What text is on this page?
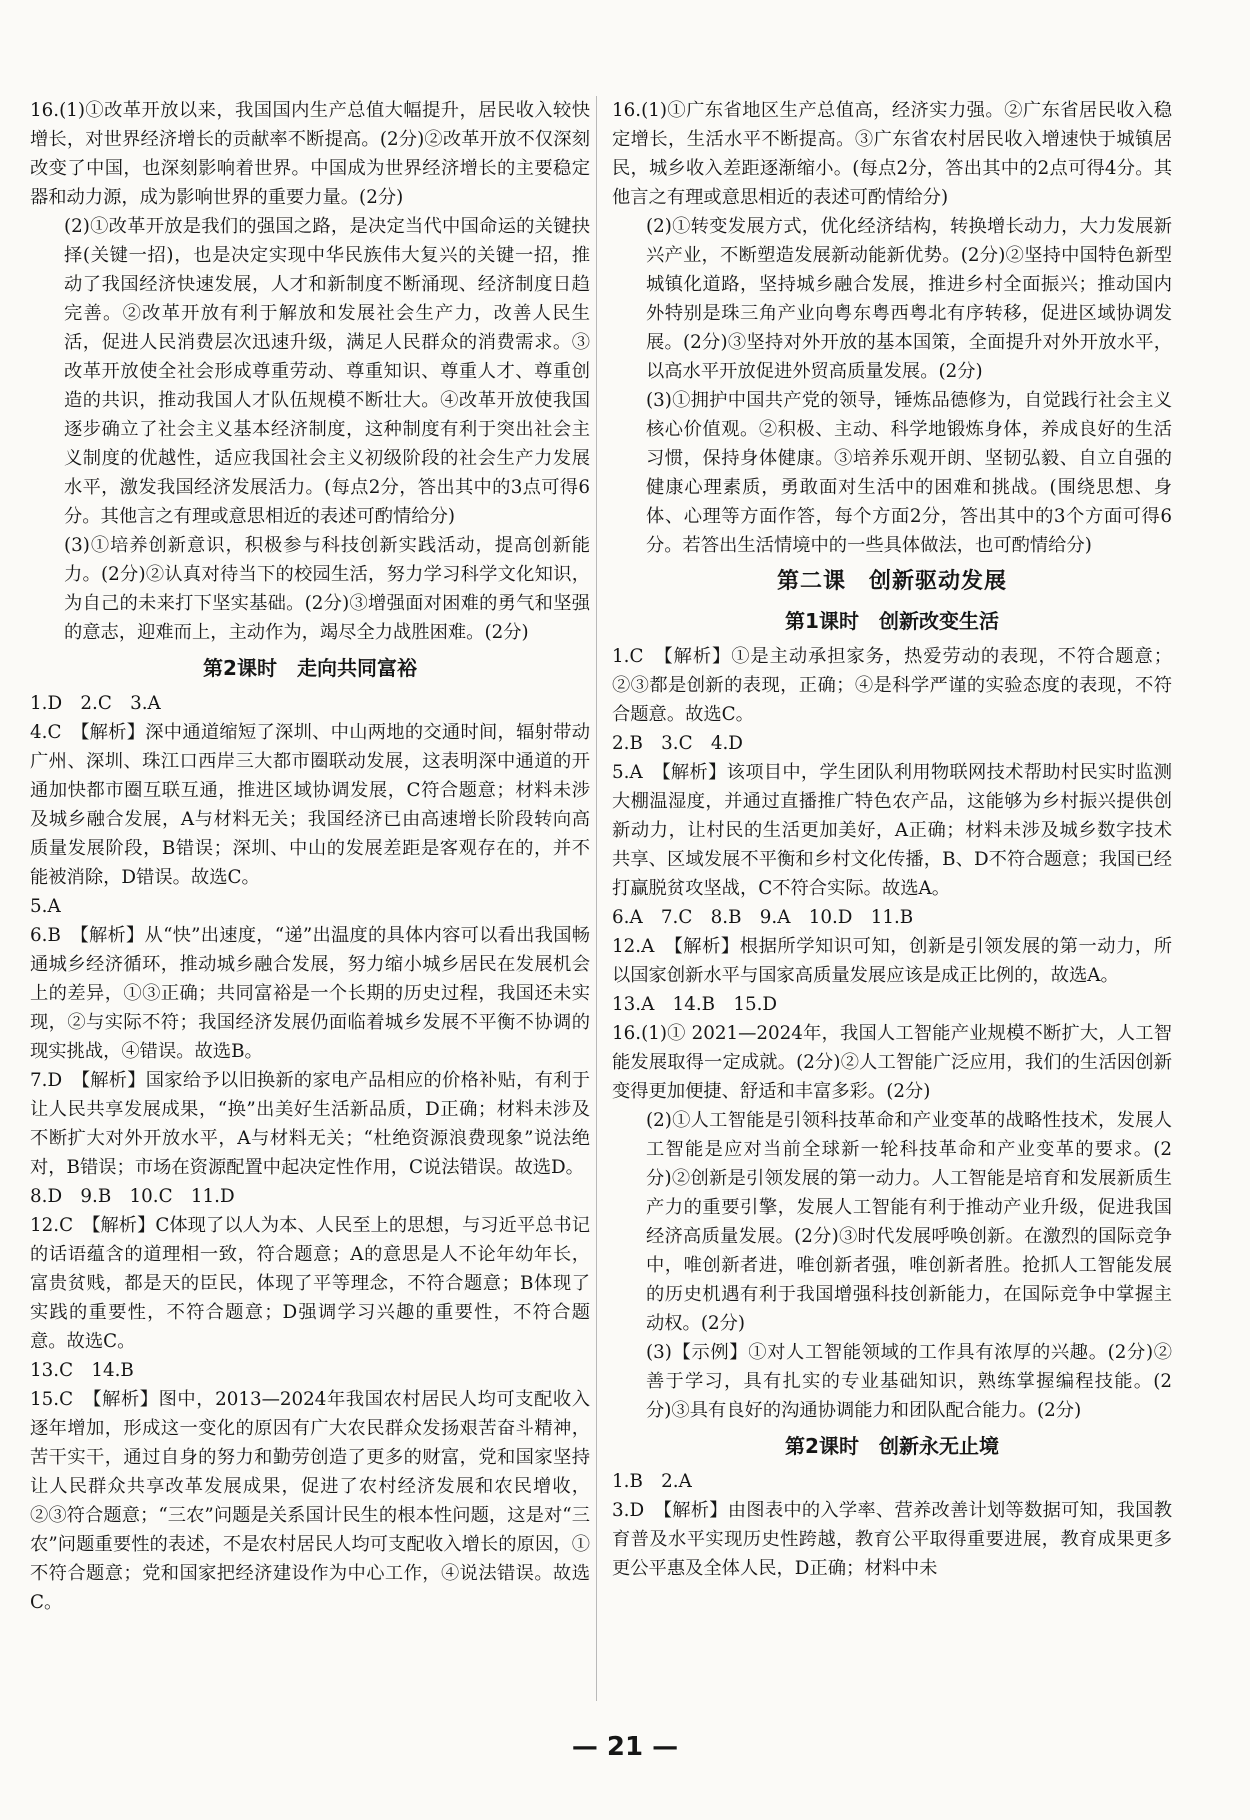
16.(1)①改革开放以来，我国国内生产总值大幅提升，居民收入较快增长，对世界经济增长的贡献率不断提高。(2分)②改革开放不仅深刻改变了中国，也深刻影响着世界。中国成为世界经济增长的主要稳定器和动力源，成为影响世界的重要力量。(2分)

(2)①改革开放是我们的强国之路，是决定当代中国命运的关键抉择(关键一招)，也是决定实现中华民族伟大复兴的关键一招，推动了我国经济快速发展，人才和新制度不断涌现、经济制度日趋完善。②改革开放有利于解放和发展社会生产力，改善人民生活，促进人民消费层次迅速升级，满足人民群众的消费需求。③改革开放使全社会形成尊重劳动、尊重知识、尊重人才、尊重创造的共识，推动我国人才队伍规模不断壮大。④改革开放使我国逐步确立了社会主义基本经济制度，这种制度有利于突出社会主义制度的优越性，适应我国社会主义初级阶段的社会生产力发展水平，激发我国经济发展活力。(每点2分，答出其中的3点可得6分。其他言之有理或意思相近的表述可酌情给分)

(3)①培养创新意识，积极参与科技创新实践活动，提高创新能力。(2分)②认真对待当下的校园生活，努力学习科学文化知识，为自己的未来打下坚实基础。(2分)③增强面对困难的勇气和坚强的意志，迎难而上，主动作为，竭尽全力战胜困难。(2分)

第2课时　走向共同富裕

1.D　2.C　3.A

4.C　【解析】深中通道缩短了深圳、中山两地的交通时间，辐射带动广州、深圳、珠江口西岸三大都市圈联动发展，这表明深中通道的开通加快都市圈互联互通，推进区域协调发展，C符合题意；材料未涉及城乡融合发展，A与材料无关；我国经济已由高速增长阶段转向高质量发展阶段，B错误；深圳、中山的发展差距是客观存在的，并不能被消除，D错误。故选C。

5.A

6.B　【解析】从“快”出速度，“递”出温度的具体内容可以看出我国畅通城乡经济循环，推动城乡融合发展，努力缩小城乡居民在发展机会上的差异，①③正确；共同富裕是一个长期的历史过程，我国还未实现，②与实际不符；我国经济发展仍面临着城乡发展不平衡不协调的现实挑战，④错误。故选B。

7.D　【解析】国家给予以旧换新的家电产品相应的价格补贴，有利于让人民共享发展成果，“换”出美好生活新品质，D正确；材料未涉及不断扩大对外开放水平，A与材料无关；“杜绝资源浪费现象”说法绝对，B错误；市场在资源配置中起决定性作用，C说法错误。故选D。

8.D　9.B　10.C　11.D

12.C　【解析】C体现了以人为本、人民至上的思想，与习近平总书记的话语蕴含的道理相一致，符合题意；A的意思是人不论年幼年长，富贵贫贱，都是天的臣民，体现了平等理念，不符合题意；B体现了实践的重要性，不符合题意；D强调学习兴趣的重要性，不符合题意。故选C。

13.C　14.B

15.C　【解析】图中，2013—2024年我国农村居民人均可支配收入逐年增加，形成这一变化的原因有广大农民群众发扬艰苦奋斗精神，苦干实干，通过自身的努力和勤劳创造了更多的财富，党和国家坚持让人民群众共享改革发展成果，促进了农村经济发展和农民增收，②③符合题意；“三农”问题是关系国计民生的根本性问题，这是对“三农”问题重要性的表述，不是农村居民人均可支配收入增长的原因，①不符合题意；党和国家把经济建设作为中心工作，④说法错误。故选C。

16.(1)①广东省地区生产总值高，经济实力强。②广东省居民收入稳定增长，生活水平不断提高。③广东省农村居民收入增速快于城镇居民，城乡收入差距逐渐缩小。(每点2分，答出其中的2点可得4分。其他言之有理或意思相近的表述可酌情给分)

(2)①转变发展方式，优化经济结构，转换增长动力，大力发展新兴产业，不断塑造发展新动能新优势。(2分)②坚持中国特色新型城镇化道路，坚持城乡融合发展，推进乡村全面振兴；推动国内外特别是珠三角产业向粤东粤西粤北有序转移，促进区域协调发展。(2分)③坚持对外开放的基本国策，全面提升对外开放水平，以高水平开放促进外贸高质量发展。(2分)

(3)①拥护中国共产党的领导，锤炼品德修为，自觉践行社会主义核心价值观。②积极、主动、科学地锻炼身体，养成良好的生活习惯，保持身体健康。③培养乐观开朗、坚韧弘毅、自立自强的健康心理素质，勇敢面对生活中的困难和挑战。(围绕思想、身体、心理等方面作答，每个方面2分，答出其中的3个方面可得6分。若答出生活情境中的一些具体做法，也可酌情给分)

第二课　创新驱动发展
第1课时　创新改变生活

1.C　【解析】①是主动承担家务，热爱劳动的表现，不符合题意；②③都是创新的表现，正确；④是科学严谨的实验态度的表现，不符合题意。故选C。

2.B　3.C　4.D

5.A　【解析】该项目中，学生团队利用物联网技术帮助村民实时监测大棚温湿度，并通过直播推广特色农产品，这能够为乡村振兴提供创新动力，让村民的生活更加美好，A正确；材料未涉及城乡数字技术共享、区域发展不平衡和乡村文化传播，B、D不符合题意；我国已经打赢脱贫攻坚战，C不符合实际。故选A。

6.A　7.C　8.B　9.A　10.D　11.B

12.A　【解析】根据所学知识可知，创新是引领发展的第一动力，所以国家创新水平与国家高质量发展应该是成正比例的，故选A。

13.A　14.B　15.D

16.(1)① 2021—2024年，我国人工智能产业规模不断扩大，人工智能发展取得一定成就。(2分)②人工智能广泛应用，我们的生活因创新变得更加便捷、舒适和丰富多彩。(2分)

(2)①人工智能是引领科技革命和产业变革的战略性技术，发展人工智能是应对当前全球新一轮科技革命和产业变革的要求。(2分)②创新是引领发展的第一动力。人工智能是培育和发展新质生产力的重要引擎，发展人工智能有利于推动产业升级，促进我国经济高质量发展。(2分)③时代发展呼唤创新。在激烈的国际竞争中，唯创新者进，唯创新者强，唯创新者胜。抢抓人工智能发展的历史机遇有利于我国增强科技创新能力，在国际竞争中掌握主动权。(2分)

(3)【示例】①对人工智能领域的工作具有浓厚的兴趣。(2分)②善于学习，具有扎实的专业基础知识，熟练掌握编程技能。(2分)③具有良好的沟通协调能力和团队配合能力。(2分)

第2课时　创新永无止境

1.B　2.A

3.D　【解析】由图表中的入学率、营养改善计划等数据可知，我国教育普及水平实现历史性跨越，教育公平取得重要进展，教育成果更多更公平惠及全体人民，D正确；材料中未

— 21 —
